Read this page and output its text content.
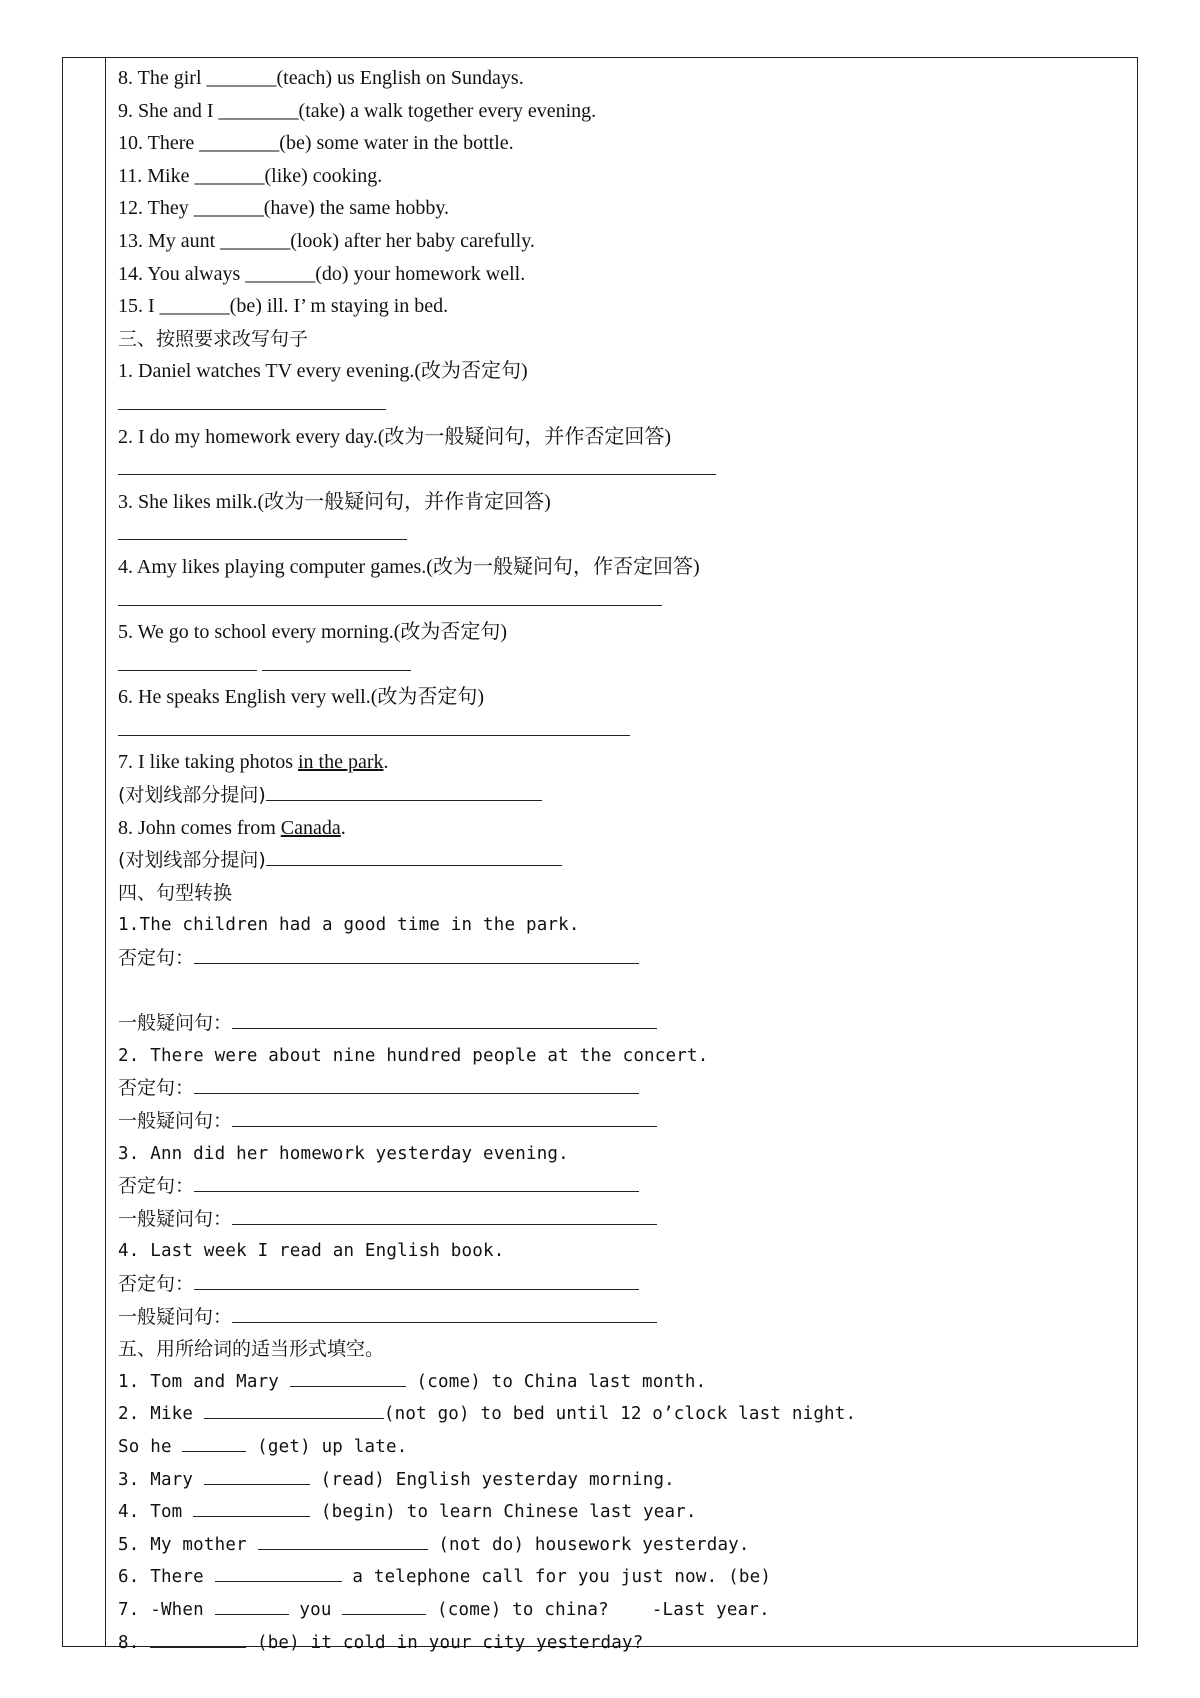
8. The girl _______(teach) us English on Sundays.
9. She and I ________(take) a walk together every evening.
10. There ________(be) some water in the bottle.
11. Mike _______(like) cooking.
12. They _______(have) the same hobby.
13. My aunt _______(look) after her baby carefully.
14. You always _______(do) your homework well.
15. I _______(be) ill. I’ m staying in bed.
三、按照要求改写句子
1. Daniel watches TV every evening.(改为否定句)
2. I do my homework every day.(改为一般疑问句，并作否定回答)
3. She likes milk.(改为一般疑问句，并作肯定回答)
4. Amy likes playing computer games.(改为一般疑问句，作否定回答)
5. We go to school every morning.(改为否定句)

6. He speaks English very well.(改为否定句)
7. I like taking photos in the park.
(对划线部分提问)
8. John comes from Canada.
(对划线部分提问)
四、句型转换
1.The children had a good time in the park.
否定句：
一般疑问句：
2. There were about nine hundred people at the concert.
否定句：
一般疑问句：
3. Ann did her homework yesterday evening.
否定句：
一般疑问句：
4. Last week I read an English book.
否定句：
一般疑问句：
五、用所给词的适当形式填空。
1. Tom and Mary	(come) to China last month.
2. Mike	(not go) to bed until 12 o’clock last night.
So he	(get) up late.
3. Mary	(read) English yesterday morning.
4. Tom	(begin) to learn Chinese last year.
5. My mother	(not do) housework yesterday.
6. There	a telephone call for you just now. (be)
7. -When	you	(come) to china?    -Last year.
8.	(be) it cold in your city yesterday?
